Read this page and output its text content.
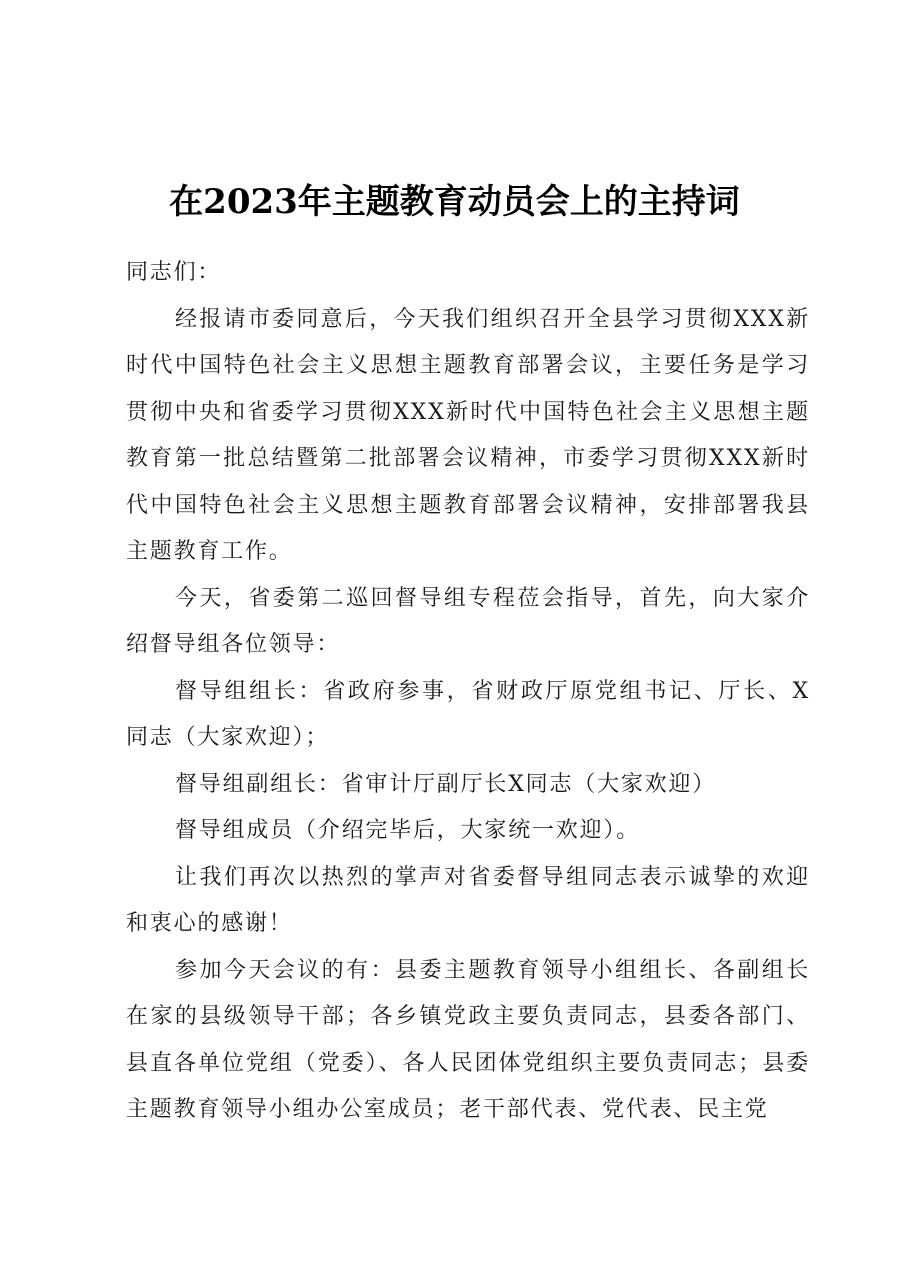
在2023年主题教育动员会上的主持词

同志们：

经报请市委同意后，今天我们组织召开全县学习贯彻XXX新时代中国特色社会主义思想主题教育部署会议，主要任务是学习贯彻中央和省委学习贯彻XXX新时代中国特色社会主义思想主题教育第一批总结暨第二批部署会议精神，市委学习贯彻XXX新时代中国特色社会主义思想主题教育部署会议精神，安排部署我县主题教育工作。

今天，省委第二巡回督导组专程莅会指导，首先，向大家介绍督导组各位领导：

督导组组长：省政府参事，省财政厅原党组书记、厅长、X同志（大家欢迎）；

督导组副组长：省审计厅副厅长X同志（大家欢迎）

督导组成员（介绍完毕后，大家统一欢迎）。

让我们再次以热烈的掌声对省委督导组同志表示诚挚的欢迎和衷心的感谢！

参加今天会议的有：县委主题教育领导小组组长、各副组长在家的县级领导干部；各乡镇党政主要负责同志，县委各部门、县直各单位党组（党委）、各人民团体党组织主要负责同志；县委主题教育领导小组办公室成员；老干部代表、党代表、民主党
